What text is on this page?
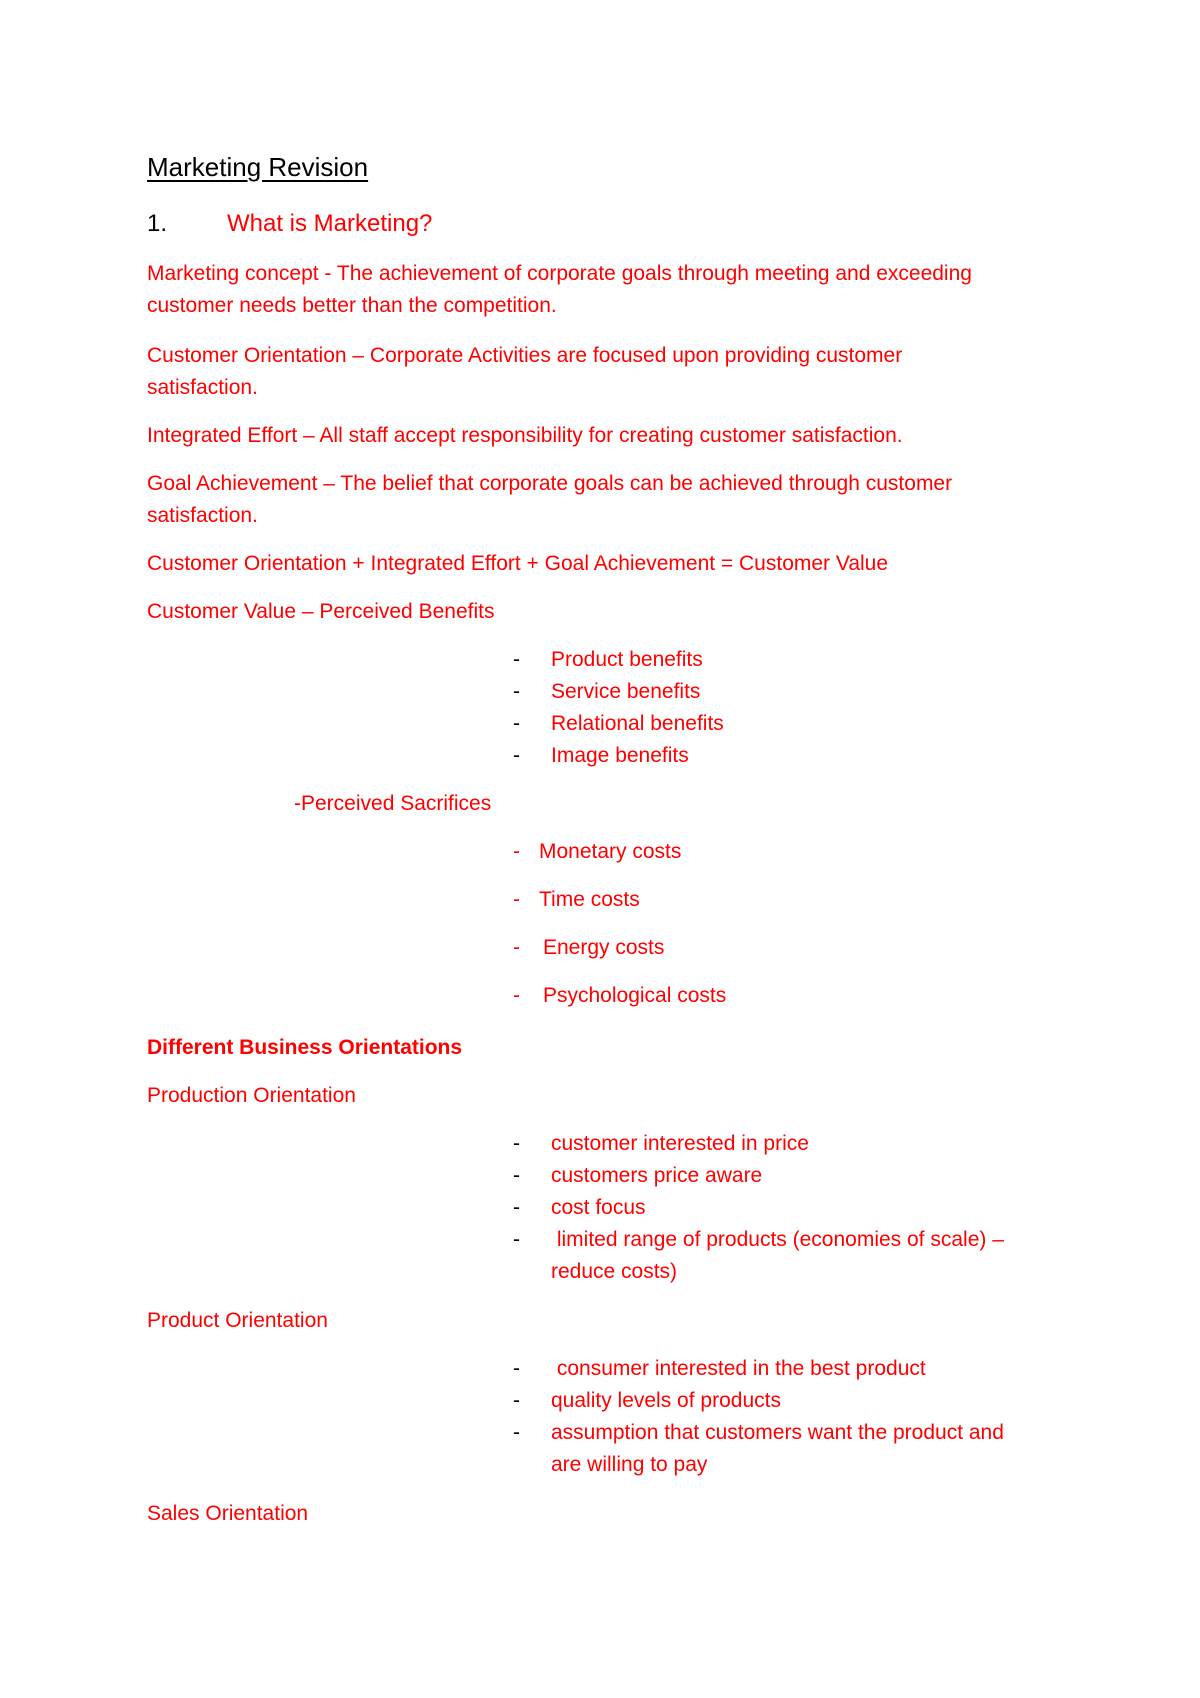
Marketing Revision

1. What is Marketing?

Marketing concept - The achievement of corporate goals through meeting and exceeding

customer needs better than the competition.

Customer Orientation – Corporate Activities are focused upon providing customer

satisfaction.

Integrated Effort – All staff accept responsibility for creating customer satisfaction.

Goal Achievement – The belief that corporate goals can be achieved through customer

satisfaction.

Customer Orientation + Integrated Effort + Goal Achievement = Customer Value

Customer Value – Perceived Benefits

- Product benefits
- Service benefits
- Relational benefits
- Image benefits

-Perceived Sacrifices

- Monetary costs
- Time costs
- Energy costs
- Psychological costs

Different Business Orientations

Production Orientation

- customer interested in price
- customers price aware
- cost focus
- limited range of products (economies of scale) –
reduce costs)

Product Orientation

- consumer interested in the best product
- quality levels of products
- assumption that customers want the product and
are willing to pay

Sales Orientation
